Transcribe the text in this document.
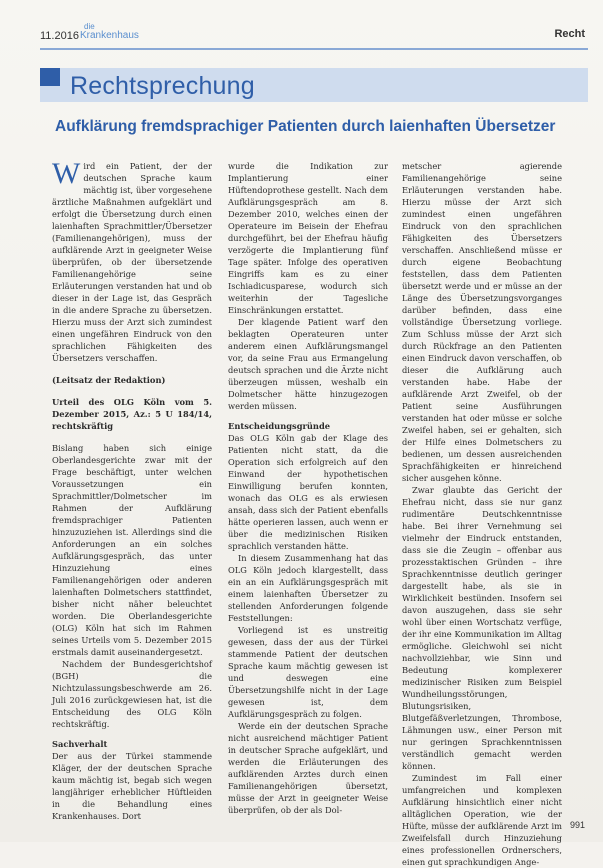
11.2016
die
Krankenhaus	Recht
Rechtsprechung
Aufklärung fremdsprachiger Patienten durch laienhaften Übersetzer

W ird ein Patient, der der deutschen Sprache kaum mächtig ist, über vorgesehene ärztliche Maßnahmen aufgeklärt und erfolgt die Übersetzung durch einen laienhaften Sprachmittler/Übersetzer (Familienangehörigen), muss der aufklärende Arzt in geeigneter Weise überprüfen, ob der übersetzende Familienangehörige seine Erläuterungen verstanden hat und ob dieser in der Lage ist, das Gespräch in die andere Sprache zu übersetzen. Hierzu muss der Arzt sich zumindest einen ungefähren Eindruck von den sprachlichen Fähigkeiten des Übersetzers verschaffen.

(Leitsatz der Redaktion)

Urteil des OLG Köln vom 5. Dezember 2015, Az.: 5 U 184/14, rechtskräftig

Bislang haben sich einige Oberlandesgerichte zwar mit der Frage beschäftigt, unter welchen Voraussetzungen ein Sprachmittler/Dolmetscher im Rahmen der Aufklärung fremdsprachiger Patienten hinzuzuziehen ist. Allerdings sind die Anforderungen an ein solches Aufklärungsgespräch, das unter Hinzuziehung eines Familienangehörigen oder anderen laienhaften Dolmetschers stattfindet, bisher nicht näher beleuchtet worden. Die Oberlandesgerichte (OLG) Köln hat sich im Rahmen seines Urteils vom 5. Dezember 2015 erstmals damit auseinandergesetzt.

Nachdem der Bundesgerichtshof (BGH) die Nichtzulassungsbeschwerde am 26. Juli 2016 zurückgewiesen hat, ist die Entscheidung des OLG Köln rechtskräftig.

Sachverhalt

Der aus der Türkei stammende Kläger, der der deutschen Sprache kaum mächtig ist, begab sich wegen langjähriger erheblicher Hüftleiden in die Behandlung eines Krankenhauses. Dort

wurde die Indikation zur Implantierung einer Hüftendoprothese gestellt. Nach dem Aufklärungsgespräch am 8. Dezember 2010, welches einen der Operateure im Beisein der Ehefrau durchgeführt, bei der Ehefrau häufig verzögerte die Implantierung fünf Tage später. Infolge des operativen Eingriffs kam es zu einer Ischiadicusparese, wodurch sich weiterhin der Tagesliche Einschränkungen erstattet.

Der klagende Patient warf den beklagten Operateuren unter anderem einen Aufklärungsmangel vor, da seine Frau aus Ermangelung deutsch sprachen und die Ärzte nicht überzeugen müssen, weshalb ein Dolmetscher hätte hinzugezogen werden müssen.

Entscheidungsgründe

Das OLG Köln gab der Klage des Patienten nicht statt, da die Operation sich erfolgreich auf den Einwand der hypothetischen Einwilligung berufen konnten, wonach das OLG es als erwiesen ansah, dass sich der Patient ebenfalls hätte operieren lassen, auch wenn er über die medizinischen Risiken sprachlich verstanden hätte.

In diesem Zusammenhang hat das OLG Köln jedoch klargestellt, dass ein an ein Aufklärungsgespräch mit einem laienhaften Übersetzer zu stellenden Anforderungen folgende Feststellungen:

Vorliegend ist es unstreitig gewesen, dass der aus der Türkei stammende Patient der deutschen Sprache kaum mächtig gewesen ist und deswegen eine Übersetzungshilfe nicht in der Lage gewesen ist, dem Aufklärungsgespräch zu folgen.

Werde ein der deutschen Sprache nicht ausreichend mächtiger Patient in deutscher Sprache aufgeklärt, und werden die Erläuterungen des aufklärenden Arztes durch einen Familienangehörigen übersetzt, müsse der Arzt in geeigneter Weise überprüfen, ob der als Dol-

metscher agierende Familienangehörige seine Erläuterungen verstanden habe. Hierzu müsse der Arzt sich zumindest einen ungefähren Eindruck von den sprachlichen Fähigkeiten des Übersetzers verschaffen. Anschließend müsse er durch eigene Beobachtung feststellen, dass dem Patienten übersetzt werde und er müsse an der Länge des Übersetzungsvorganges darüber befinden, dass eine vollständige Übersetzung vorliege. Zum Schluss müsse der Arzt sich durch Rückfrage an den Patienten einen Eindruck davon verschaffen, ob dieser die Aufklärung auch verstanden habe. Habe der aufklärende Arzt Zweifel, ob der Patient seine Ausführungen verstanden hat oder müsse er solche Zweifel haben, sei er gehalten, sich der Hilfe eines Dolmetschers zu bedienen, um dessen ausreichenden Sprachfähigkeiten er hinreichend sicher ausgehen könne.

Zwar glaubte das Gericht der Ehefrau nicht, dass sie nur ganz rudimentäre Deutschkenntnisse habe. Bei ihrer Vernehmung sei vielmehr der Eindruck entstanden, dass sie die Zeugin – offenbar aus prozesstaktischen Gründen – ihre Sprachkenntnisse deutlich geringer dargestellt habe, als sie in Wirklichkeit bestünden. Insofern sei davon auszugehen, dass sie sehr wohl über einen Wortschatz verfüge, der ihr eine Kommunikation im Alltag ermögliche. Gleichwohl sei nicht nachvollziehbar, wie Sinn und Bedeutung komplexerer medizinischer Risiken zum Beispiel Wundheilungsstörungen, Blutungsrisiken, Blutgefäßverletzungen, Thrombose, Lähmungen usw., einer Person mit nur geringen Sprachkenntnissen verständlich gemacht werden können.

Zumindest im Fall einer umfangreichen und komplexen Aufklärung hinsichtlich einer nicht alltäglichen Operation, wie der Hüfte, müsse der aufklärende Arzt im Zweifelsfall durch Hinzuziehung eines professionellen Ordnerschers, einen gut sprachkundigen Ange-

991
